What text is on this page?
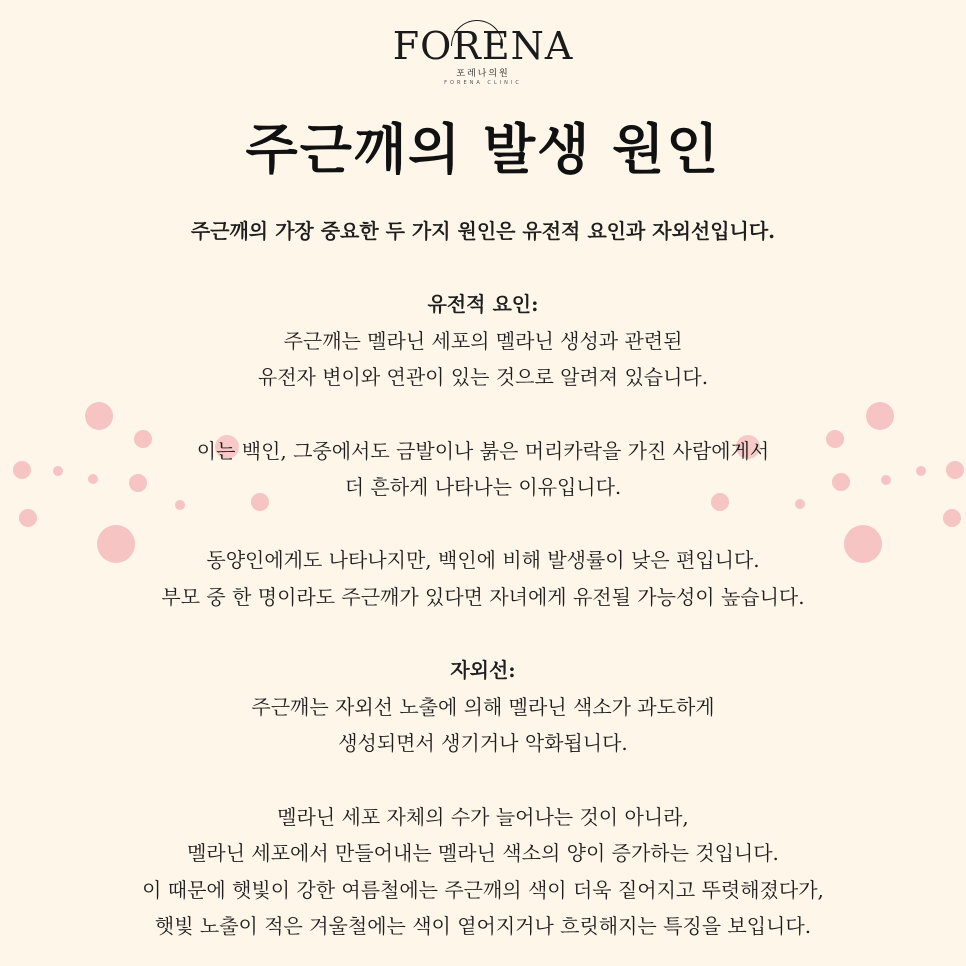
FORENA
포레나의원
FORENA CLINIC
주근깨의 발생 원인
주근깨의 가장 중요한 두 가지 원인은 유전적 요인과 자외선입니다.
유전적 요인:
주근깨는 멜라닌 세포의 멜라닌 생성과 관련된
유전자 변이와 연관이 있는 것으로 알려져 있습니다.
이는 백인, 그중에서도 금발이나 붉은 머리카락을 가진 사람에게서
더 흔하게 나타나는 이유입니다.
동양인에게도 나타나지만, 백인에 비해 발생률이 낮은 편입니다.
부모 중 한 명이라도 주근깨가 있다면 자녀에게 유전될 가능성이 높습니다.
자외선:
주근깨는 자외선 노출에 의해 멜라닌 색소가 과도하게
생성되면서 생기거나 악화됩니다.
멜라닌 세포 자체의 수가 늘어나는 것이 아니라,
멜라닌 세포에서 만들어내는 멜라닌 색소의 양이 증가하는 것입니다.
이 때문에 햇빛이 강한 여름철에는 주근깨의 색이 더욱 짙어지고 뚜렷해졌다가,
햇빛 노출이 적은 겨울철에는 색이 옅어지거나 흐릿해지는 특징을 보입니다.
